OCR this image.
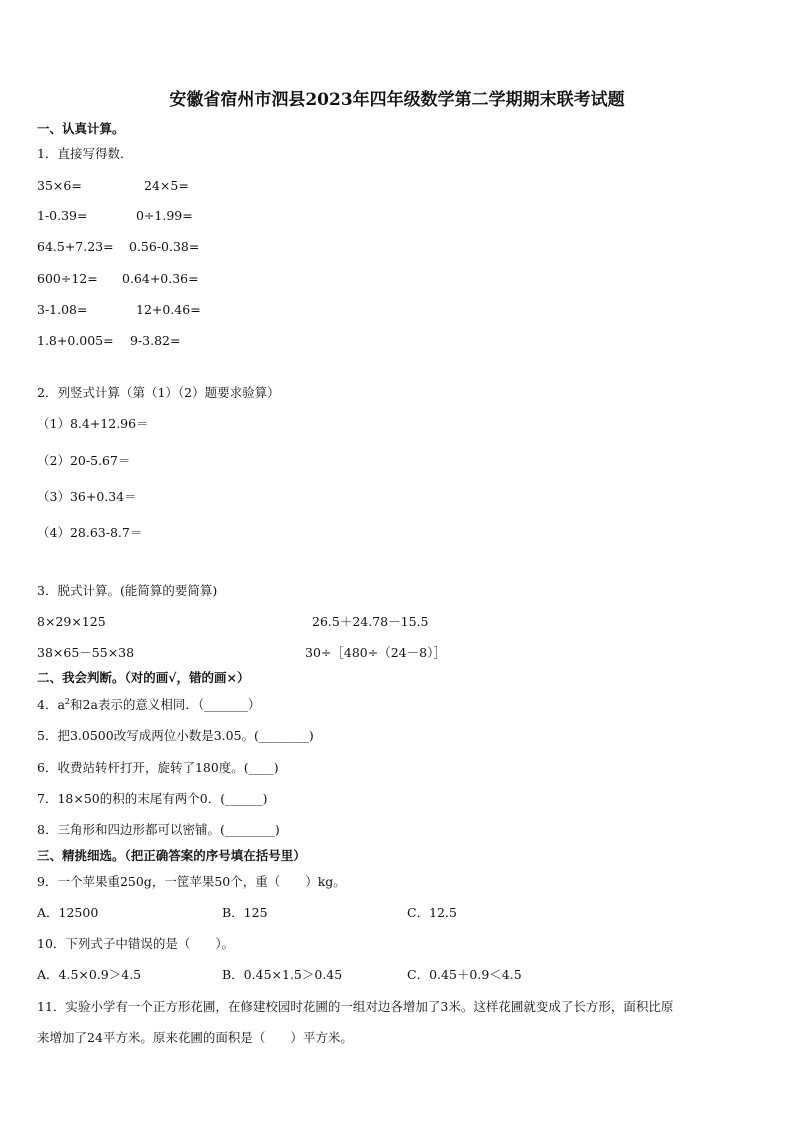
安徽省宿州市泗县2023年四年级数学第二学期期末联考试题
一、认真计算。
1．直接写得数．
35×6=	24×5=
1-0.39=	0÷1.99=
64.5+7.23= 0.56-0.38=
600÷12= 0.64+0.36=
3-1.08=	12+0.46=
1.8+0.005= 9-3.82=
2．列竖式计算（第（1）（2）题要求验算）
（1）8.4+12.96＝
（2）20-5.67＝
（3）36+0.34＝
（4）28.63-8.7＝
3．脱式计算。(能简算的要简算)
8×29×125	26.5＋24.78－15.5
38×65－55×38	30÷［480÷（24－8）］
二、我会判断。（对的画√，错的画×）
4．$a^2$和2a表示的意义相同．（_______）
5．把3.0500改写成两位小数是3.05。(________)
6．收费站转杆打开，旋转了180度。(____)
7．18×50的积的末尾有两个0．(______)
8．三角形和四边形都可以密铺。(________)
三、精挑细选。（把正确答案的序号填在括号里）
9．一个苹果重250g，一筐苹果50个，重（　　）kg。
A．12500	B．125	C．12.5
10．下列式子中错误的是（　　）。
A．4.5×0.9＞4.5	B．0.45×1.5＞0.45	C．0.45＋0.9＜4.5
11．实验小学有一个正方形花圃，在修建校园时花圃的一组对边各增加了3米。这样花圃就变成了长方形，面积比原
来增加了24平方米。原来花圃的面积是（　　）平方米。
